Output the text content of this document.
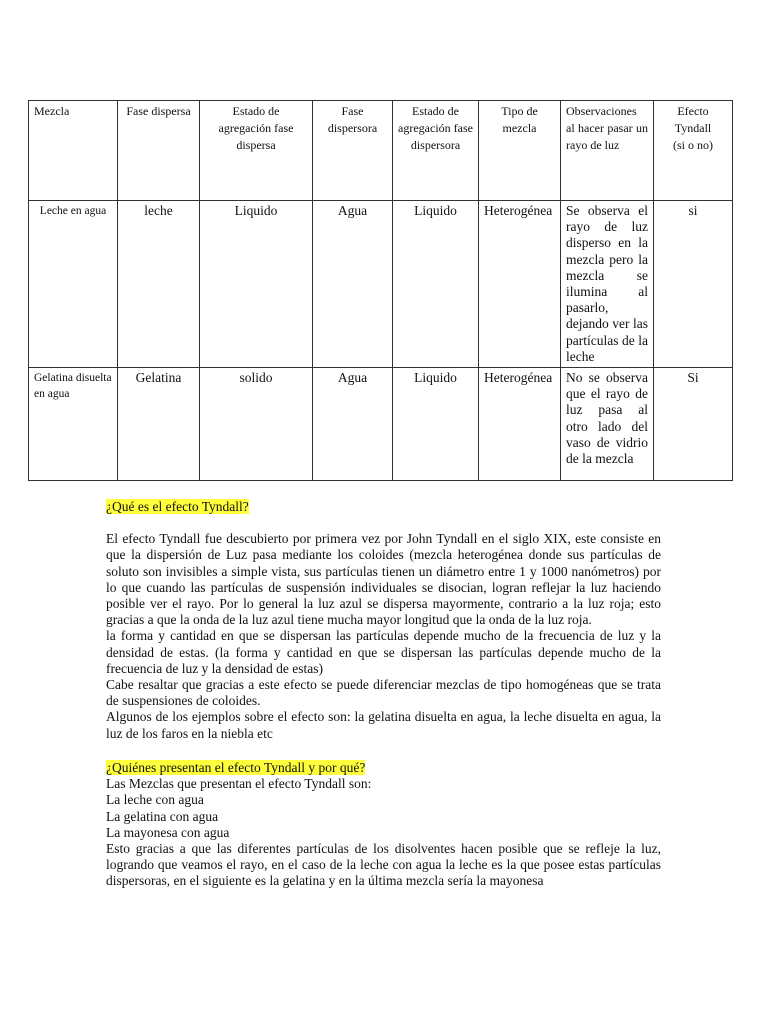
Mezcla	Fase dispersa	Estado de agregación fase dispersa	Fase dispersora	Estado de agregación fase dispersora	Tipo de mezcla	Observaciones al hacer pasar un rayo de luz	Efecto Tyndall (si o no)
Leche en agua	leche	Liquido	Agua	Liquido	Heterogénea	Se observa el rayo de luz disperso en la mezcla pero la mezcla se ilumina al pasarlo, dejando ver las partículas de la leche	si
Gelatina disuelta en agua	Gelatina	solido	Agua	Liquido	Heterogénea	No se observa que el rayo de luz pasa al otro lado del vaso de vidrio de la mezcla	Si

¿Qué es el efecto Tyndall?

El efecto Tyndall fue descubierto por primera vez por John Tyndall en el siglo XIX, este consiste en que la dispersión de Luz pasa mediante los coloides (mezcla heterogénea donde sus partículas de soluto son invisibles a simple vista, sus partículas tienen un diámetro entre 1 y 1000 nanómetros) por lo que cuando las partículas de suspensión individuales se disocian, logran reflejar la luz haciendo posible ver el rayo. Por lo general la luz azul se dispersa mayormente, contrario a la luz roja; esto gracias a que la onda de la luz azul tiene mucha mayor longitud que la onda de la luz roja.

la forma y cantidad en que se dispersan las partículas depende mucho de la frecuencia de luz y la densidad de estas. (la forma y cantidad en que se dispersan las partículas depende mucho de la frecuencia de luz y la densidad de estas)

Cabe resaltar que gracias a este efecto se puede diferenciar mezclas de tipo homogéneas que se trata de suspensiones de coloides.

Algunos de los ejemplos sobre el efecto son: la gelatina disuelta en agua, la leche disuelta en agua, la luz de los faros en la niebla etc

¿Quiénes presentan el efecto Tyndall y por qué?

Las Mezclas que presentan el efecto Tyndall son:

La leche con agua

La gelatina con agua

La mayonesa con agua

Esto gracias a que las diferentes partículas de los disolventes hacen posible que se refleje la luz, logrando que veamos el rayo, en el caso de la leche con agua la leche es la que posee estas partículas dispersoras, en el siguiente es la gelatina y en la última mezcla sería la mayonesa
